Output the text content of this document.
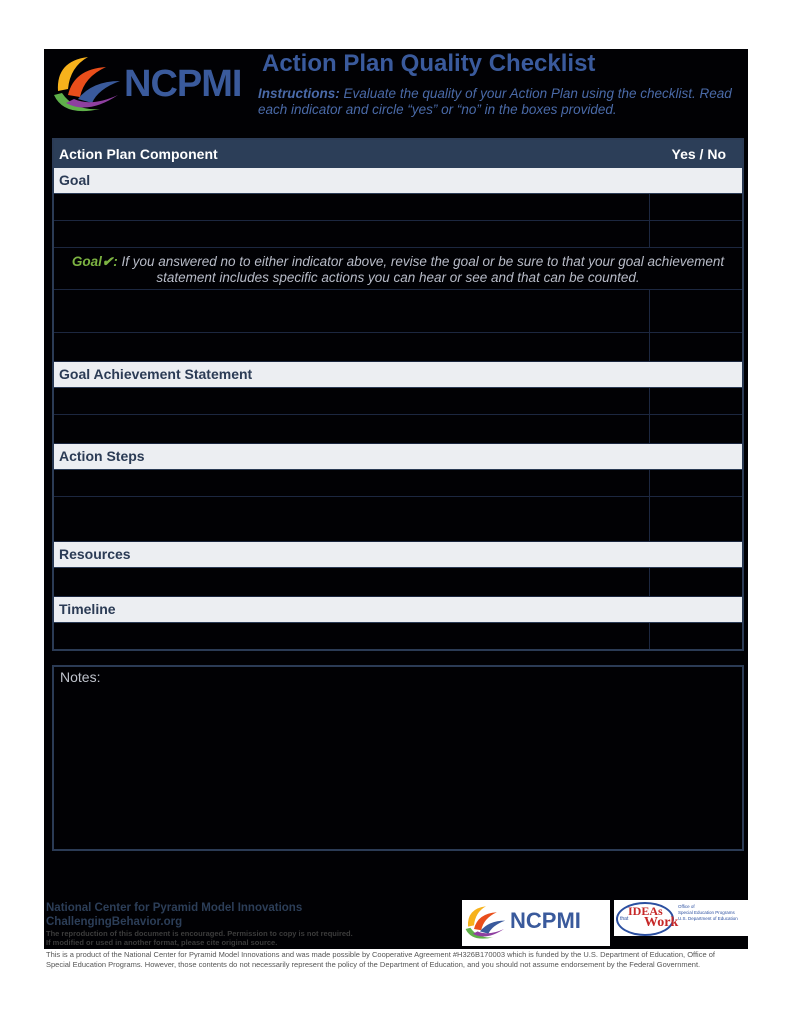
NCPMI Action Plan Quality Checklist
Instructions: Evaluate the quality of your Action Plan using the checklist. Read each indicator and circle “yes” or “no” in the boxes provided.
Action Plan Component	Yes / No
Goal
Goal✔: If you answered no to either indicator above, revise the goal or be sure to that your goal achievement statement includes specific actions you can hear or see and that can be counted.
Goal Achievement Statement
Action Steps
Resources
Timeline
Notes:
National Center for Pyramid Model Innovations
ChallengingBehavior.org	NCPMI	IDEAs
that Work
Office of
Special Education Programs
U.S. Department of Education
The reproduction of this document is encouraged. Permission to copy is not required.
If modified or used in another format, please cite original source.
This is a product of the National Center for Pyramid Model Innovations and was made possible by Cooperative Agreement #H326B170003 which is funded by the U.S. Department of Education, Office of Special Education Programs. However, those contents do not necessarily represent the policy of the Department of Education, and you should not assume endorsement by the Federal Government.
